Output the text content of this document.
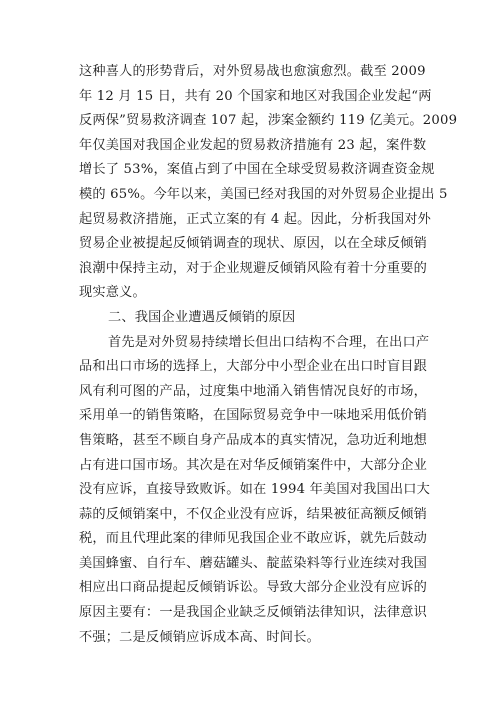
这种喜人的形势背后，对外贸易战也愈演愈烈。截至 2009
年 12 月 15 日，共有 20 个国家和地区对我国企业发起“两
反两保”贸易救济调查 107 起，涉案金额约 119 亿美元。2009
年仅美国对我国企业发起的贸易救济措施有 23 起，案件数
增长了 53%，案值占到了中国在全球受贸易救济调查资金规
模的 65%。今年以来，美国已经对我国的对外贸易企业提出 5
起贸易救济措施，正式立案的有 4 起。因此，分析我国对外
贸易企业被提起反倾销调查的现状、原因，以在全球反倾销
浪潮中保持主动，对于企业规避反倾销风险有着十分重要的
现实意义。
二、我国企业遭遇反倾销的原因
首先是对外贸易持续增长但出口结构不合理，在出口产
品和出口市场的选择上，大部分中小型企业在出口时盲目跟
风有利可图的产品，过度集中地涌入销售情况良好的市场，
采用单一的销售策略，在国际贸易竞争中一味地采用低价销
售策略，甚至不顾自身产品成本的真实情况，急功近利地想
占有进口国市场。其次是在对华反倾销案件中，大部分企业
没有应诉，直接导致败诉。如在 1994 年美国对我国出口大
蒜的反倾销案中，不仅企业没有应诉，结果被征高额反倾销
税，而且代理此案的律师见我国企业不敢应诉，就先后鼓动
美国蜂蜜、自行车、蘑菇罐头、靛蓝染料等行业连续对我国
相应出口商品提起反倾销诉讼。导致大部分企业没有应诉的
原因主要有：一是我国企业缺乏反倾销法律知识，法律意识
不强；二是反倾销应诉成本高、时间长。
